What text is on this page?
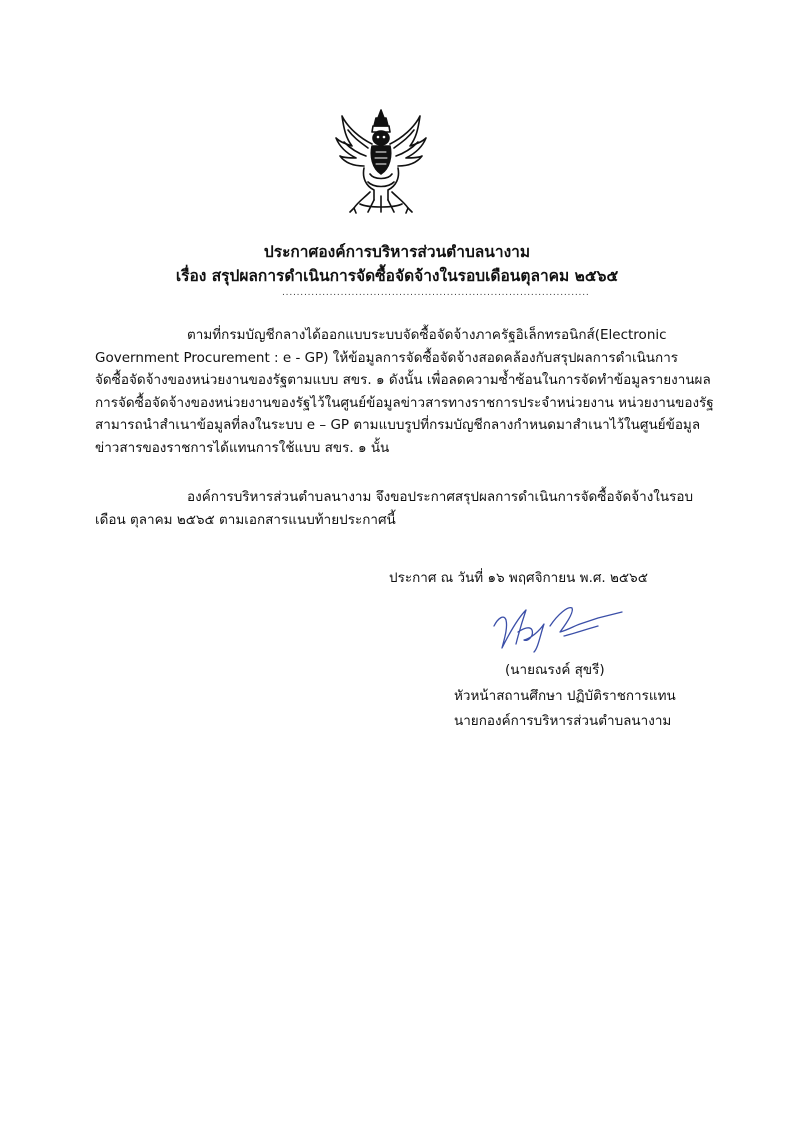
ประกาศองค์การบริหารส่วนตำบลนางาม
เรื่อง สรุปผลการดำเนินการจัดซื้อจัดจ้างในรอบเดือนตุลาคม ๒๕๖๕
....................................................................................
ตามที่กรมบัญชีกลางได้ออกแบบระบบจัดซื้อจัดจ้างภาครัฐอิเล็กทรอนิกส์(Electronic
Government Procurement : e - GP) ให้ข้อมูลการจัดซื้อจัดจ้างสอดคล้องกับสรุปผลการดำเนินการ
จัดซื้อจัดจ้างของหน่วยงานของรัฐตามแบบ สขร. ๑ ดังนั้น เพื่อลดความซ้ำซ้อนในการจัดทำข้อมูลรายงานผล
การจัดซื้อจัดจ้างของหน่วยงานของรัฐไว้ในศูนย์ข้อมูลข่าวสารทางราชการประจำหน่วยงาน หน่วยงานของรัฐ
สามารถนำสำเนาข้อมูลที่ลงในระบบ e – GP ตามแบบรูปที่กรมบัญชีกลางกำหนดมาสำเนาไว้ในศูนย์ข้อมูล
ข่าวสารของราชการได้แทนการใช้แบบ สขร. ๑ นั้น
องค์การบริหารส่วนตำบลนางาม จึงขอประกาศสรุปผลการดำเนินการจัดซื้อจัดจ้างในรอบ
เดือน ตุลาคม ๒๕๖๕ ตามเอกสารแนบท้ายประกาศนี้
ประกาศ ณ วันที่ ๑๖ พฤศจิกายน พ.ศ. ๒๕๖๕
(นายณรงค์ สุขรี)
หัวหน้าสถานศึกษา ปฏิบัติราชการแทน
นายกองค์การบริหารส่วนตำบลนางาม
